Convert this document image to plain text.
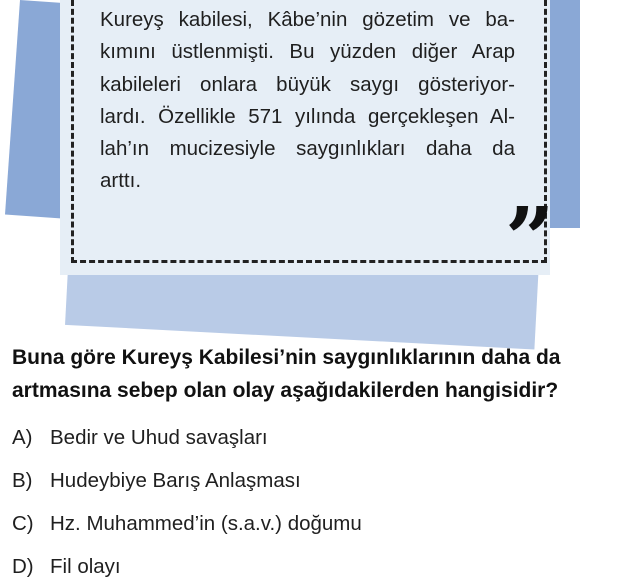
Kureyş kabilesi, Kâbe’nin gözetim ve ba-
kımını üstlenmişti. Bu yüzden diğer Arap
kabileleri onlara büyük saygı gösteriyor-
lardı. Özellikle 571 yılında gerçekleşen Al-
lah’ın mucizesiyle saygınlıkları daha da
arttı.
”
Buna göre Kureyş Kabilesi’nin saygınlıklarının daha da
artmasına sebep olan olay aşağıdakilerden hangisidir?
A) Bedir ve Uhud savaşları
B) Hudeybiye Barış Anlaşması
C) Hz. Muhammed’in (s.a.v.) doğumu
D) Fil olayı
